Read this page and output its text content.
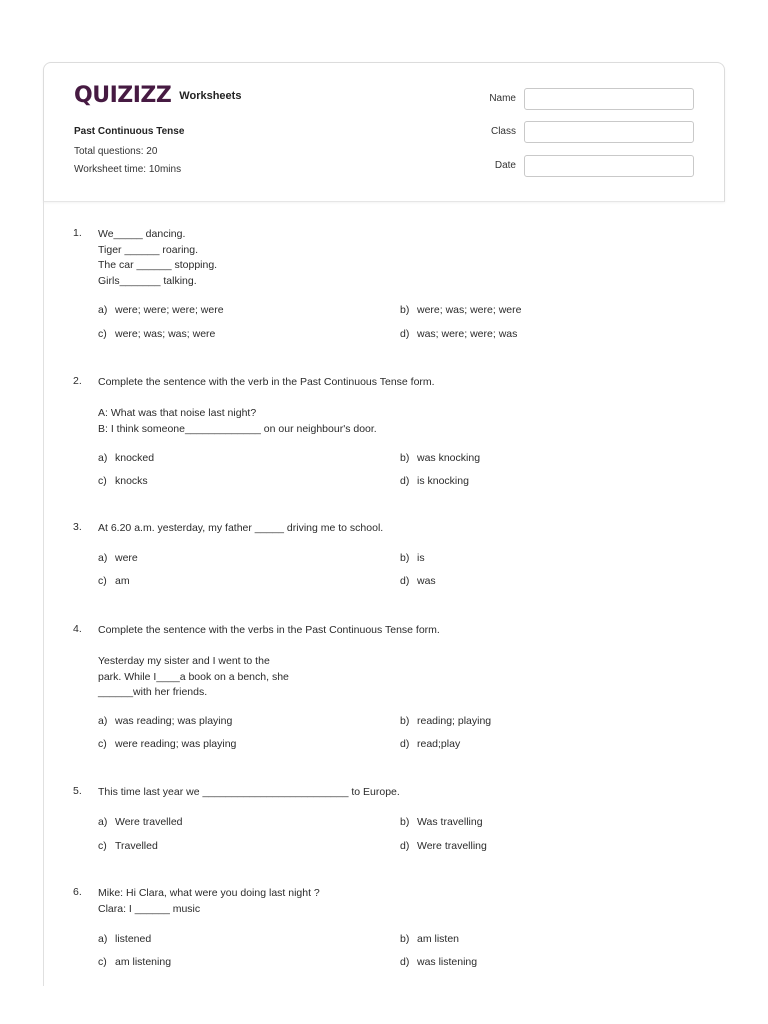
QUIZIZZ Worksheets
Past Continuous Tense
Total questions: 20
Worksheet time: 10mins
Name
Class
Date
1. We_____ dancing.
Tiger ______ roaring.
The car ______ stopping.
Girls_______ talking.
a) were; were; were; were	b) were; was; were; were
c) were; was; was; were	d) was; were; were; was
2. Complete the sentence with the verb in the Past Continuous Tense form.

A: What was that noise last night?
B: I think someone_____________ on our neighbour's door.
a) knocked	b) was knocking
c) knocks	d) is knocking
3. At 6.20 a.m. yesterday, my father _____ driving me to school.
a) were	b) is
c) am	d) was
4. Complete the sentence with the verbs in the Past Continuous Tense form.

Yesterday my sister and I went to the
park. While I____a book on a bench, she
______with her friends.
a) was reading; was playing	b) reading; playing
c) were reading; was playing	d) read;play
5. This time last year we _________________________ to Europe.
a) Were travelled	b) Was travelling
c) Travelled	d) Were travelling
6. Mike: Hi Clara, what were you doing last night ?
Clara: I ______ music
a) listened	b) am listen
c) am listening	d) was listening
